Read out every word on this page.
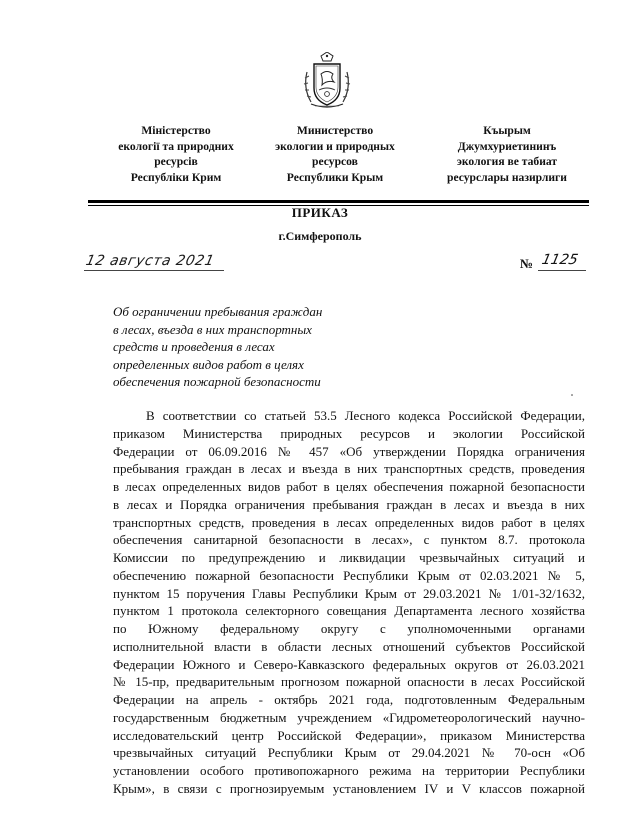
Міністерство
екології та природних
ресурсів
Республіки Крим
Министерство
экологии и природных
ресурсов
Республики Крым
Къырым
Джумхуриетининъ
экология ве табиат
ресурслары назирлиги
ПРИКАЗ
г.Симферополь
12 августа 2021	№ 1125
Об ограничении пребывания граждан
в лесах, въезда в них транспортных
средств и проведения в лесах
определенных видов работ в целях
обеспечения пожарной безопасности
В соответствии со статьей 53.5 Лесного кодекса Российской Федерации,
приказом Министерства природных ресурсов и экологии Российской
Федерации от 06.09.2016 № 457 «Об утверждении Порядка ограничения
пребывания граждан в лесах и въезда в них транспортных средств, проведения
в лесах определенных видов работ в целях обеспечения пожарной безопасности
в лесах и Порядка ограничения пребывания граждан в лесах и въезда в них
транспортных средств, проведения в лесах определенных видов работ в целях
обеспечения санитарной безопасности в лесах», с пунктом 8.7. протокола
Комиссии по предупреждению и ликвидации чрезвычайных ситуаций и
обеспечению пожарной безопасности Республики Крым от 02.03.2021 № 5,
пунктом 15 поручения Главы Республики Крым от 29.03.2021 № 1/01-32/1632,
пунктом 1 протокола селекторного совещания Департамента лесного хозяйства
по Южному федеральному округу с уполномоченными органами
исполнительной власти в области лесных отношений субъектов Российской
Федерации Южного и Северо-Кавказского федеральных округов от 26.03.2021
№ 15-пр, предварительным прогнозом пожарной опасности в лесах Российской
Федерации на апрель - октябрь 2021 года, подготовленным Федеральным
государственным бюджетным учреждением «Гидрометеорологический научно-
исследовательский центр Российской Федерации», приказом Министерства
чрезвычайных ситуаций Республики Крым от 29.04.2021 № 70-осн «Об
установлении особого противопожарного режима на территории Республики
Крым», в связи с прогнозируемым установлением IV и V классов пожарной
